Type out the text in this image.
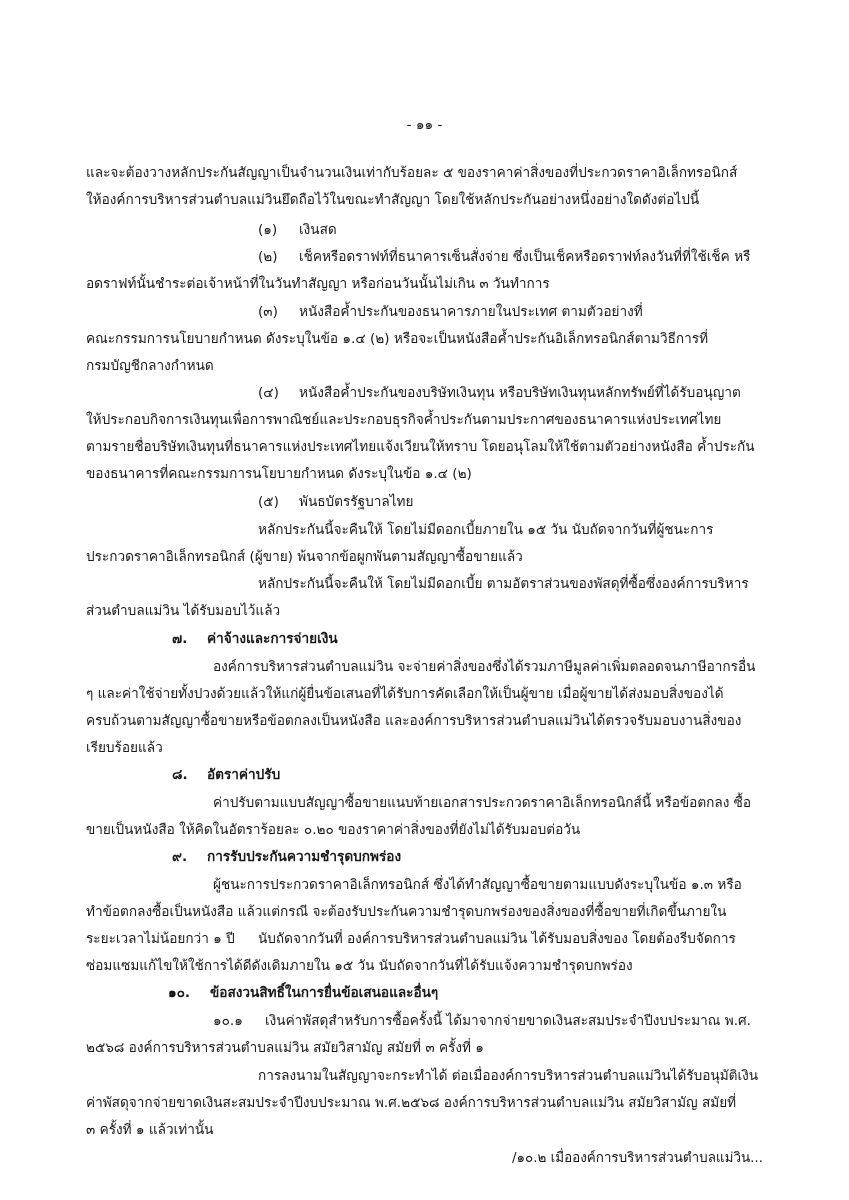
- ๑๑ -
และจะต้องวางหลักประกันสัญญาเป็นจำนวนเงินเท่ากับร้อยละ ๕ ของราคาค่าสิ่งของที่ประกวดราคาอิเล็กทรอนิกส์
ให้องค์การบริหารส่วนตำบลแม่วินยึดถือไว้ในขณะทำสัญญา โดยใช้หลักประกันอย่างหนึ่งอย่างใดดังต่อไปนี้
(๑) เงินสด
(๒) เช็คหรือดราฟท์ที่ธนาคารเซ็นสั่งจ่าย ซึ่งเป็นเช็คหรือดราฟท์ลงวันที่ที่ใช้เช็ค หรื
อดราฟท์นั้นชำระต่อเจ้าหน้าที่ในวันทำสัญญา หรือก่อนวันนั้นไม่เกิน ๓ วันทำการ
(๓) หนังสือค้ำประกันของธนาคารภายในประเทศ ตามตัวอย่างที่
คณะกรรมการนโยบายกำหนด ดังระบุในข้อ ๑.๔ (๒) หรือจะเป็นหนังสือค้ำประกันอิเล็กทรอนิกส์ตามวิธีการที่
กรมบัญชีกลางกำหนด
(๔) หนังสือค้ำประกันของบริษัทเงินทุน หรือบริษัทเงินทุนหลักทรัพย์ที่ได้รับอนุญาต
ให้ประกอบกิจการเงินทุนเพื่อการพาณิชย์และประกอบธุรกิจค้ำประกันตามประกาศของธนาคารแห่งประเทศไทย
ตามรายชื่อบริษัทเงินทุนที่ธนาคารแห่งประเทศไทยแจ้งเวียนให้ทราบ โดยอนุโลมให้ใช้ตามตัวอย่างหนังสือ ค้ำประกัน
ของธนาคารที่คณะกรรมการนโยบายกำหนด ดังระบุในข้อ ๑.๔ (๒)
(๕) พันธบัตรรัฐบาลไทย
หลักประกันนี้จะคืนให้ โดยไม่มีดอกเบี้ยภายใน ๑๕ วัน นับถัดจากวันที่ผู้ชนะการ
ประกวดราคาอิเล็กทรอนิกส์ (ผู้ขาย) พ้นจากข้อผูกพันตามสัญญาซื้อขายแล้ว
หลักประกันนี้จะคืนให้ โดยไม่มีดอกเบี้ย ตามอัตราส่วนของพัสดุที่ซื้อซึ่งองค์การบริหาร
ส่วนตำบลแม่วิน ได้รับมอบไว้แล้ว
๗. ค่าจ้างและการจ่ายเงิน
องค์การบริหารส่วนตำบลแม่วิน จะจ่ายค่าสิ่งของซึ่งได้รวมภาษีมูลค่าเพิ่มตลอดจนภาษีอากรอื่น
ๆ และค่าใช้จ่ายทั้งปวงด้วยแล้วให้แก่ผู้ยื่นข้อเสนอที่ได้รับการคัดเลือกให้เป็นผู้ขาย เมื่อผู้ขายได้ส่งมอบสิ่งของได้
ครบถ้วนตามสัญญาซื้อขายหรือข้อตกลงเป็นหนังสือ และองค์การบริหารส่วนตำบลแม่วินได้ตรวจรับมอบงานสิ่งของ
เรียบร้อยแล้ว
๘. อัตราค่าปรับ
ค่าปรับตามแบบสัญญาซื้อขายแนบท้ายเอกสารประกวดราคาอิเล็กทรอนิกส์นี้ หรือข้อตกลง ซื้อ
ขายเป็นหนังสือ ให้คิดในอัตราร้อยละ ๐.๒๐ ของราคาค่าสิ่งของที่ยังไม่ได้รับมอบต่อวัน
๙. การรับประกันความชำรุดบกพร่อง
ผู้ชนะการประกวดราคาอิเล็กทรอนิกส์ ซึ่งได้ทำสัญญาซื้อขายตามแบบดังระบุในข้อ ๑.๓ หรือ
ทำข้อตกลงซื้อเป็นหนังสือ แล้วแต่กรณี จะต้องรับประกันความชำรุดบกพร่องของสิ่งของที่ซื้อขายที่เกิดขึ้นภายใน
ระยะเวลาไม่น้อยกว่า ๑ ปี นับถัดจากวันที่ องค์การบริหารส่วนตำบลแม่วิน ได้รับมอบสิ่งของ โดยต้องรีบจัดการ
ซ่อมแซมแก้ไขให้ใช้การได้ดีดังเดิมภายใน ๑๕ วัน นับถัดจากวันที่ได้รับแจ้งความชำรุดบกพร่อง
๑๐. ข้อสงวนสิทธิ์ในการยื่นข้อเสนอและอื่นๆ
๑๐.๑ เงินค่าพัสดุสำหรับการซื้อครั้งนี้ ได้มาจากจ่ายขาดเงินสะสมประจำปีงบประมาณ พ.ศ.
๒๕๖๘ องค์การบริหารส่วนตำบลแม่วิน สมัยวิสามัญ สมัยที่ ๓ ครั้งที่ ๑
การลงนามในสัญญาจะกระทำได้ ต่อเมื่อองค์การบริหารส่วนตำบลแม่วินได้รับอนุมัติเงิน
ค่าพัสดุจากจ่ายขาดเงินสะสมประจำปีงบประมาณ พ.ศ.๒๕๖๘ องค์การบริหารส่วนตำบลแม่วิน สมัยวิสามัญ สมัยที่
๓ ครั้งที่ ๑ แล้วเท่านั้น
/๑๐.๒ เมื่อองค์การบริหารส่วนตำบลแม่วิน...
